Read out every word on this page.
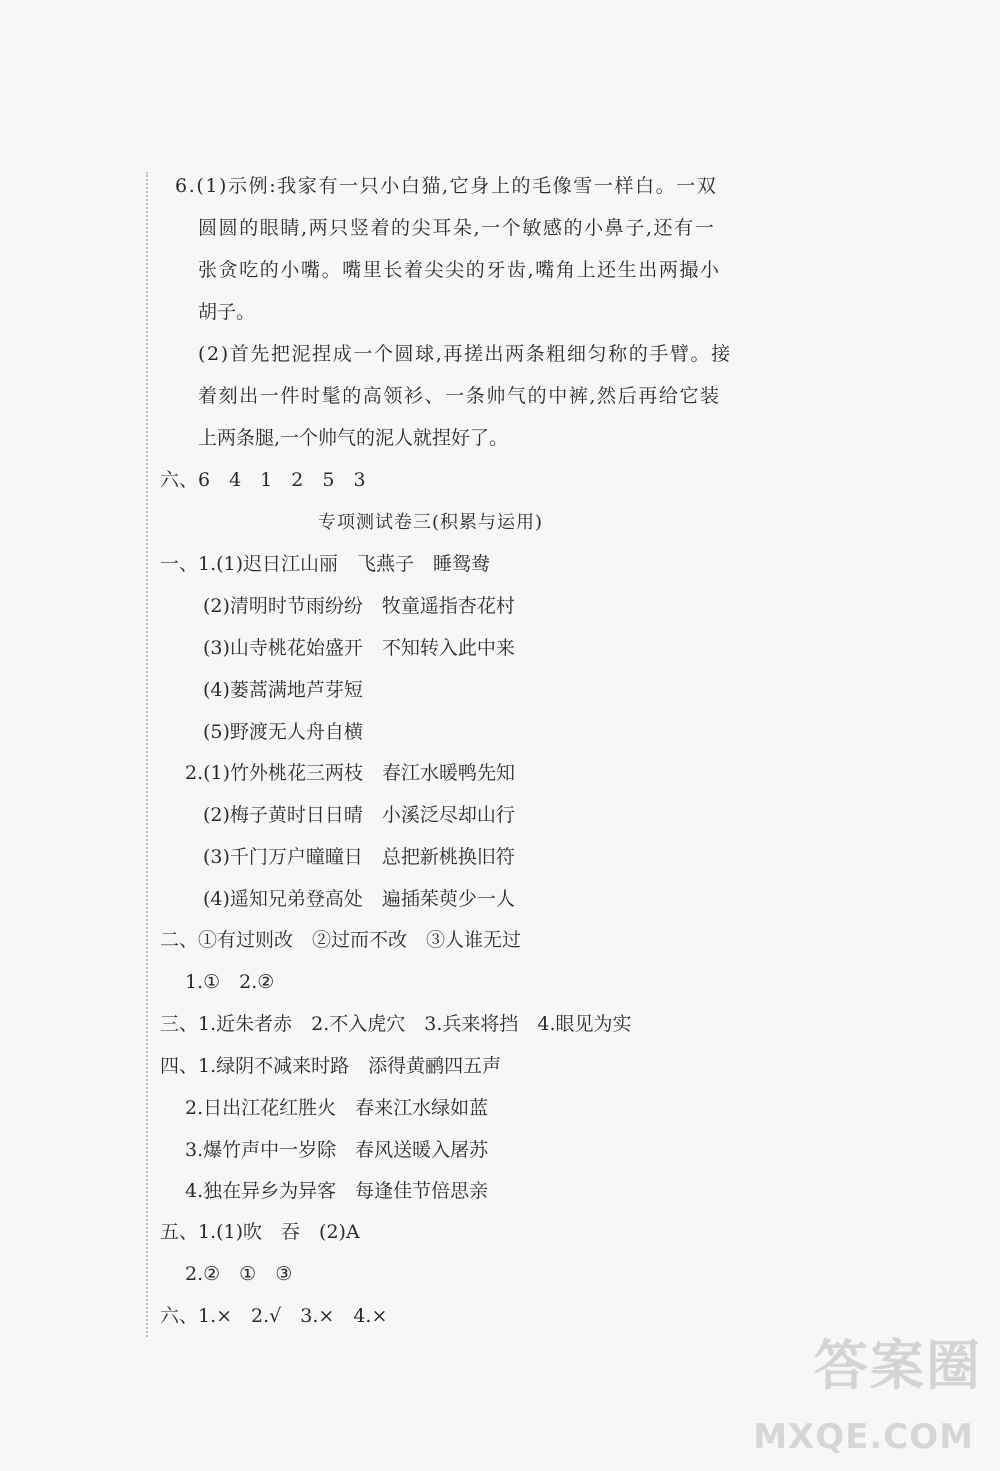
6.(1)示例:我家有一只小白猫,它身上的毛像雪一样白。一双
圆圆的眼睛,两只竖着的尖耳朵,一个敏感的小鼻子,还有一
张贪吃的小嘴。嘴里长着尖尖的牙齿,嘴角上还生出两撮小
胡子。
(2)首先把泥捏成一个圆球,再搓出两条粗细匀称的手臂。接
着刻出一件时髦的高领衫、一条帅气的中裤,然后再给它装
上两条腿,一个帅气的泥人就捏好了。
六、6　4　1　2　5　3
专项测试卷三(积累与运用)
一、1.(1)迟日江山丽　飞燕子　睡鸳鸯
(2)清明时节雨纷纷　牧童遥指杏花村
(3)山寺桃花始盛开　不知转入此中来
(4)蒌蒿满地芦芽短
(5)野渡无人舟自横
2.(1)竹外桃花三两枝　春江水暖鸭先知
(2)梅子黄时日日晴　小溪泛尽却山行
(3)千门万户曈曈日　总把新桃换旧符
(4)遥知兄弟登高处　遍插茱萸少一人
二、①有过则改　②过而不改　③人谁无过
1.①　2.②
三、1.近朱者赤　2.不入虎穴　3.兵来将挡　4.眼见为实
四、1.绿阴不减来时路　添得黄鹂四五声
2.日出江花红胜火　春来江水绿如蓝
3.爆竹声中一岁除　春风送暖入屠苏
4.独在异乡为异客　每逢佳节倍思亲
五、1.(1)吹　吞　(2)A
2.②　①　③
六、1.×　2.√　3.×　4.×
答案圈
MXQE.COM
